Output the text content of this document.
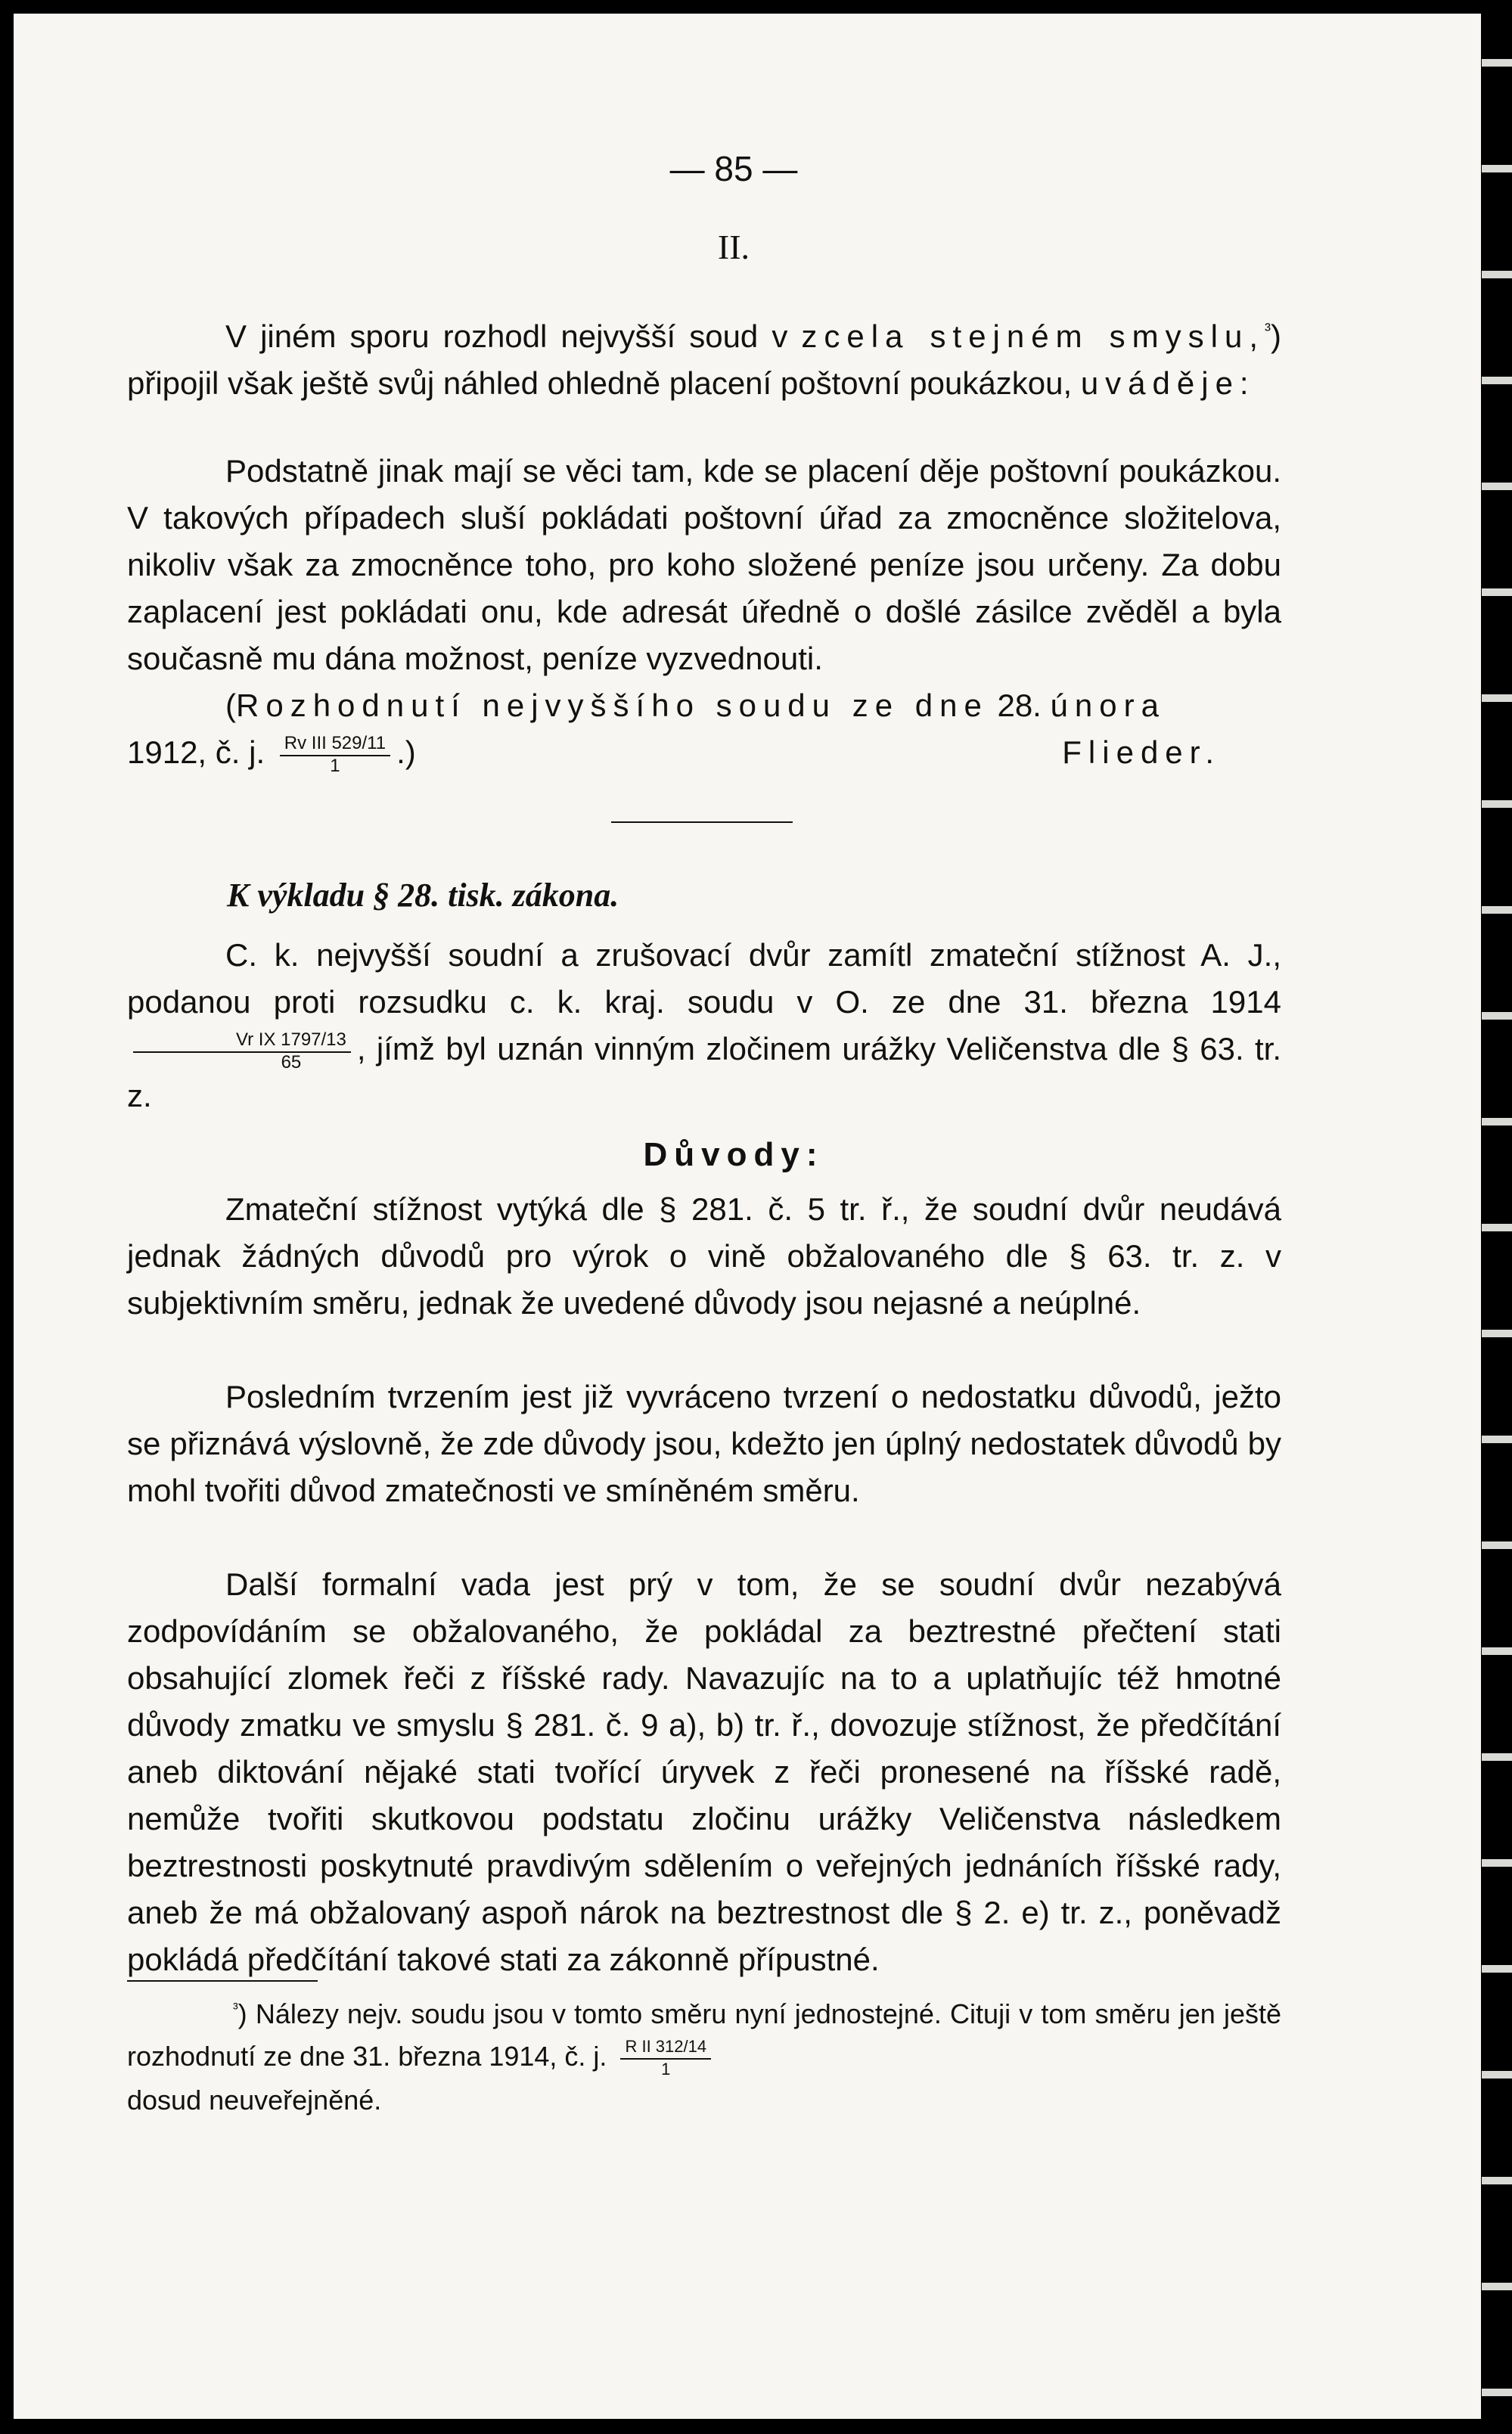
— 85 —
II.
V jiném sporu rozhodl nejvyšší soud v zcela stejném smyslu,$^{^3}$) připojil však ještě svůj náhled ohledně placení poštovní poukázkou, uváděje:
Podstatně jinak mají se věci tam, kde se placení děje poštovní poukázkou. V takových případech sluší pokládati poštovní úřad za zmocněnce složitelova, nikoliv však za zmocněnce toho, pro koho složené peníze jsou určeny. Za dobu zaplacení jest pokládati onu, kde adresát úředně o došlé zásilce zvěděl a byla současně mu dána možnost, peníze vyzvednouti.
(Rozhodnutí nejvyššího soudu ze dne 28. února
1912, č. j. $\frac{\text{Rv III 529/11}}{1}$ .)	Flieder.
K výkladu § 28. tisk. zákona.
C. k. nejvyšší soudní a zrušovací dvůr zamítl zmateční stížnost A. J., podanou proti rozsudku c. k. kraj. soudu v O. ze dne 31. března 1914
$\frac{\text{Vr IX 1797/13}}{65}$ , jímž byl uznán vinným zločinem urážky Veličenstva dle § 63. tr. z.
Důvody:
Zmateční stížnost vytýká dle § 281. č. 5 tr. ř., že soudní dvůr neudává jednak žádných důvodů pro výrok o vině obžalovaného dle § 63. tr. z. v subjektivním směru, jednak že uvedené důvody jsou nejasné a neúplné.
Posledním tvrzením jest již vyvráceno tvrzení o nedostatku důvodů, ježto se přiznává výslovně, že zde důvody jsou, kdežto jen úplný nedostatek důvodů by mohl tvořiti důvod zmatečnosti ve smíněném směru.
Další formalní vada jest prý v tom, že se soudní dvůr nezabývá zodpovídáním se obžalovaného, že pokládal za beztrestné přečtení stati obsahující zlomek řeči z říšské rady. Navazujíc na to a uplatňujíc též hmotné důvody zmatku ve smyslu § 281. č. 9 a), b) tr. ř., dovozuje stížnost, že předčítání aneb diktování nějaké stati tvořící úryvek z řeči pronesené na říšské radě, nemůže tvořiti skutkovou podstatu zločinu urážky Veličenstva následkem beztrestnosti poskytnuté pravdivým sdělením o veřejných jednáních říšské rady, aneb že má obžalovaný aspoň nárok na beztrestnost dle § 2. e) tr. z., poněvadž pokládá předčítání takové stati za zákonně přípustné.
$^{^3}$) Nálezy nejv. soudu jsou v tomto směru nyní jednostejné. Cituji v tom směru jen ještě rozhodnutí ze dne 31. března 1914, č. j. $\frac{\text{R II 312/14}}{1}$
dosud neuveřejněné.
